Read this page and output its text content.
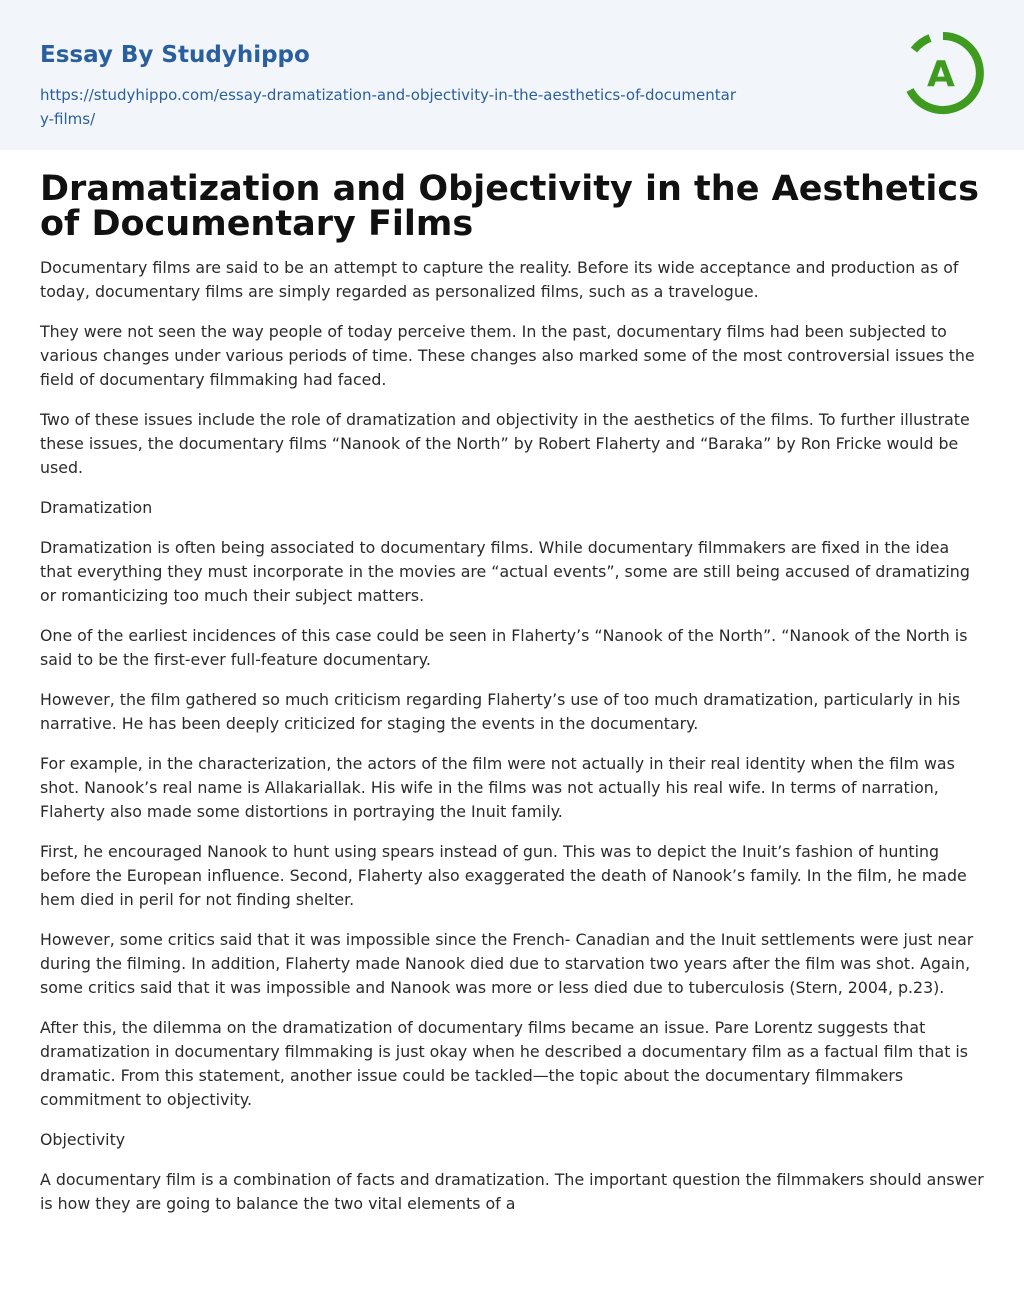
Essay By Studyhippo
https://studyhippo.com/essay-dramatization-and-objectivity-in-the-aesthetics-of-documentary-films/
A
Dramatization and Objectivity in the Aesthetics of Documentary Films

Documentary films are said to be an attempt to capture the reality. Before its wide acceptance and production as of today, documentary films are simply regarded as personalized films, such as a travelogue.

They were not seen the way people of today perceive them. In the past, documentary films had been subjected to various changes under various periods of time. These changes also marked some of the most controversial issues the field of documentary filmmaking had faced.

Two of these issues include the role of dramatization and objectivity in the aesthetics of the films. To further illustrate these issues, the documentary films “Nanook of the North” by Robert Flaherty and “Baraka” by Ron Fricke would be used.

Dramatization

Dramatization is often being associated to documentary films. While documentary filmmakers are fixed in the idea that everything they must incorporate in the movies are “actual events”, some are still being accused of dramatizing or romanticizing too much their subject matters.

One of the earliest incidences of this case could be seen in Flaherty’s “Nanook of the North”. “Nanook of the North is said to be the first-ever full-feature documentary.

However, the film gathered so much criticism regarding Flaherty’s use of too much dramatization, particularly in his narrative. He has been deeply criticized for staging the events in the documentary.

For example, in the characterization, the actors of the film were not actually in their real identity when the film was shot. Nanook’s real name is Allakariallak. His wife in the films was not actually his real wife. In terms of narration, Flaherty also made some distortions in portraying the Inuit family.

First, he encouraged Nanook to hunt using spears instead of gun. This was to depict the Inuit’s fashion of hunting before the European influence. Second, Flaherty also exaggerated the death of Nanook’s family. In the film, he made hem died in peril for not finding shelter.

However, some critics said that it was impossible since the French- Canadian and the Inuit settlements were just near during the filming. In addition, Flaherty made Nanook died due to starvation two years after the film was shot. Again, some critics said that it was impossible and Nanook was more or less died due to tuberculosis (Stern, 2004, p.23).

After this, the dilemma on the dramatization of documentary films became an issue. Pare Lorentz suggests that dramatization in documentary filmmaking is just okay when he described a documentary film as a factual film that is dramatic. From this statement, another issue could be tackled—the topic about the documentary filmmakers commitment to objectivity.

Objectivity

A documentary film is a combination of facts and dramatization. The important question the filmmakers should answer is how they are going to balance the two vital elements of a
